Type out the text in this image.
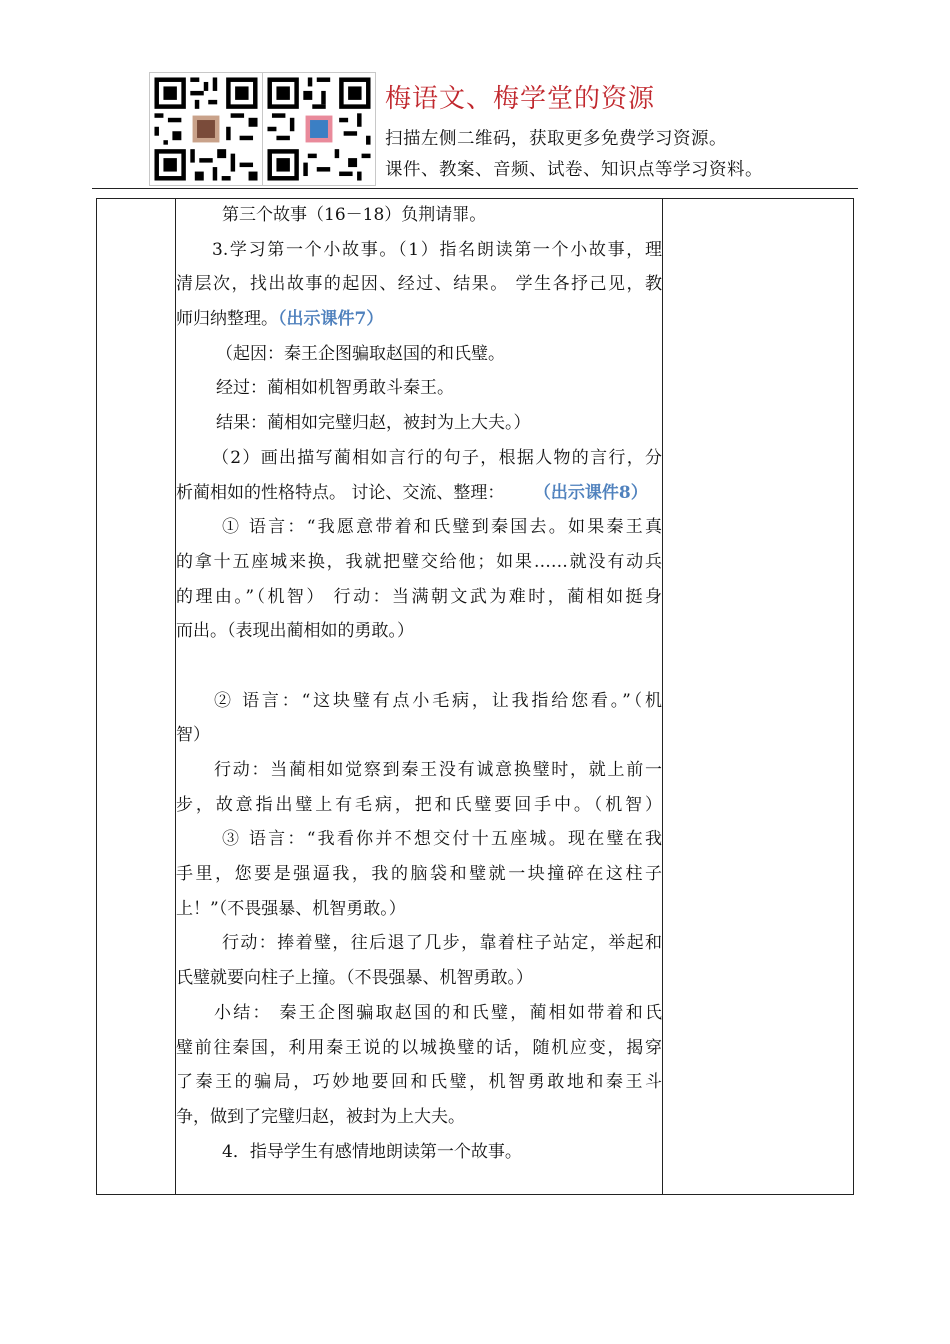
梅语文、梅学堂的资源
扫描左侧二维码，获取更多免费学习资源。
课件、教案、音频、试卷、知识点等学习资料。
第三个故事（16－18）负荆请罪。
3.学习第一个小故事。（1）指名朗读第一个小故事，理
清层次，找出故事的起因、经过、结果。 学生各抒己见，教
师归纳整理。（出示课件7）
（起因：秦王企图骗取赵国的和氏璧。
经过：蔺相如机智勇敢斗秦王。
结果：蔺相如完璧归赵，被封为上大夫。）
（2）画出描写蔺相如言行的句子，根据人物的言行，分
析蔺相如的性格特点。 讨论、交流、整理： （出示课件8）
① 语言：“我愿意带着和氏璧到秦国去。如果秦王真
的拿十五座城来换，我就把璧交给他；如果……就没有动兵
的理由。”（机智） 行动：当满朝文武为难时，蔺相如挺身
而出。（表现出蔺相如的勇敢。）
② 语言：“这块璧有点小毛病，让我指给您看。”（机
智）
行动：当蔺相如觉察到秦王没有诚意换璧时，就上前一
步，故意指出璧上有毛病，把和氏璧要回手中。（机智）
③ 语言：“我看你并不想交付十五座城。现在璧在我
手里，您要是强逼我，我的脑袋和璧就一块撞碎在这柱子
上！”（不畏强暴、机智勇敢。）
行动：捧着璧，往后退了几步，靠着柱子站定，举起和
氏璧就要向柱子上撞。（不畏强暴、机智勇敢。）
小结： 秦王企图骗取赵国的和氏璧，蔺相如带着和氏
璧前往秦国，利用秦王说的以城换璧的话，随机应变，揭穿
了秦王的骗局，巧妙地要回和氏璧，机智勇敢地和秦王斗
争，做到了完璧归赵，被封为上大夫。
4．指导学生有感情地朗读第一个故事。
